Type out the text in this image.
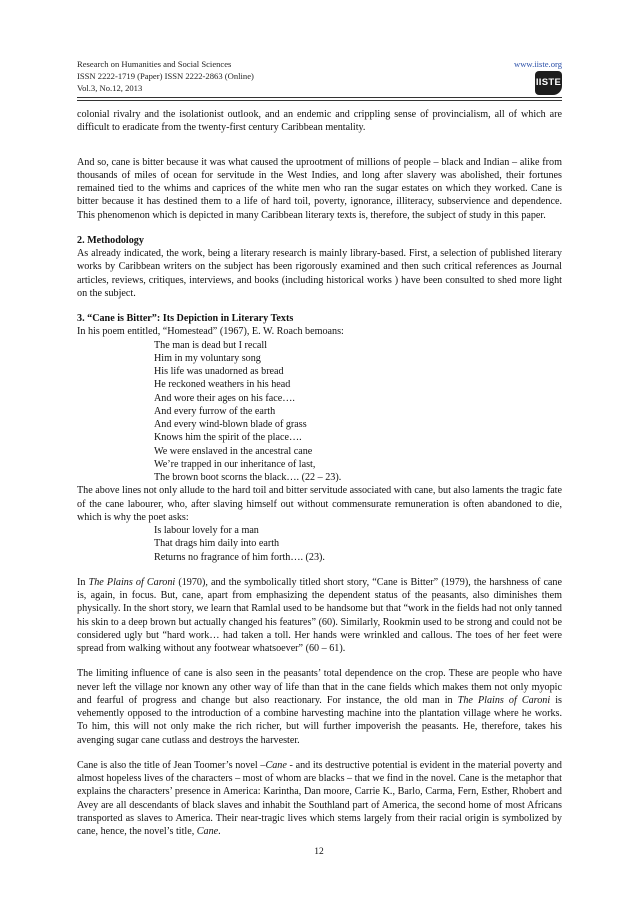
Research on Humanities and Social Sciences
ISSN 2222-1719 (Paper) ISSN 2222-2863 (Online)
Vol.3, No.12, 2013
www.iiste.org
IISTE

colonial rivalry and the isolationist outlook, and an endemic and crippling sense of provincialism, all of which are difficult to eradicate from the twenty-first century Caribbean mentality.

And so, cane is bitter because it was what caused the uprootment of millions of people – black and Indian – alike from thousands of miles of ocean for servitude in the West Indies, and long after slavery was abolished, their fortunes remained tied to the whims and caprices of the white men who ran the sugar estates on which they worked. Cane is bitter because it has destined them to a life of hard toil, poverty, ignorance, illiteracy, subservience and dependence. This phenomenon which is depicted in many Caribbean literary texts is, therefore, the subject of study in this paper.

2. Methodology

As already indicated, the work, being a literary research is mainly library-based. First, a selection of published literary works by Caribbean writers on the subject has been rigorously examined and then such critical references as Journal articles, reviews, critiques, interviews, and books (including historical works ) have been consulted to shed more light on the subject.

3. “Cane is Bitter”: Its Depiction in Literary Texts

In his poem entitled, “Homestead” (1967), E. W. Roach bemoans:

The man is dead but I recall
Him in my voluntary song
His life was unadorned as bread
He reckoned weathers in his head
And wore their ages on his face….
And every furrow of the earth
And every wind-blown blade of grass
Knows him the spirit of the place….
We were enslaved in the ancestral cane
We’re trapped in our inheritance of last,
The brown boot scorns the black…. (22 – 23).

The above lines not only allude to the hard toil and bitter servitude associated with cane, but also laments the tragic fate of the cane labourer, who, after slaving himself out without commensurate remuneration is often abandoned to die, which is why the poet asks:

Is labour lovely for a man
That drags him daily into earth
Returns no fragrance of him forth…. (23).

In The Plains of Caroni (1970), and the symbolically titled short story, “Cane is Bitter” (1979), the harshness of cane is, again, in focus. But, cane, apart from emphasizing the dependent status of the peasants, also diminishes them physically. In the short story, we learn that Ramlal used to be handsome but that “work in the fields had not only tanned his skin to a deep brown but actually changed his features” (60). Similarly, Rookmin used to be strong and could not be considered ugly but “hard work… had taken a toll. Her hands were wrinkled and callous. The toes of her feet were spread from walking without any footwear whatsoever” (60 – 61).

The limiting influence of cane is also seen in the peasants’ total dependence on the crop. These are people who have never left the village nor known any other way of life than that in the cane fields which makes them not only myopic and fearful of progress and change but also reactionary. For instance, the old man in The Plains of Caroni is vehemently opposed to the introduction of a combine harvesting machine into the plantation village where he works. To him, this will not only make the rich richer, but will further impoverish the peasants. He, therefore, takes his avenging sugar cane cutlass and destroys the harvester.

Cane is also the title of Jean Toomer’s novel –Cane - and its destructive potential is evident in the material poverty and almost hopeless lives of the characters – most of whom are blacks – that we find in the novel. Cane is the metaphor that explains the characters’ presence in America: Karintha, Dan moore, Carrie K., Barlo, Carma, Fern, Esther, Rhobert and Avey are all descendants of black slaves and inhabit the Southland part of America, the second home of most Africans transported as slaves to America. Their near-tragic lives which stems largely from their racial origin is symbolized by cane, hence, the novel’s title, Cane.

12
